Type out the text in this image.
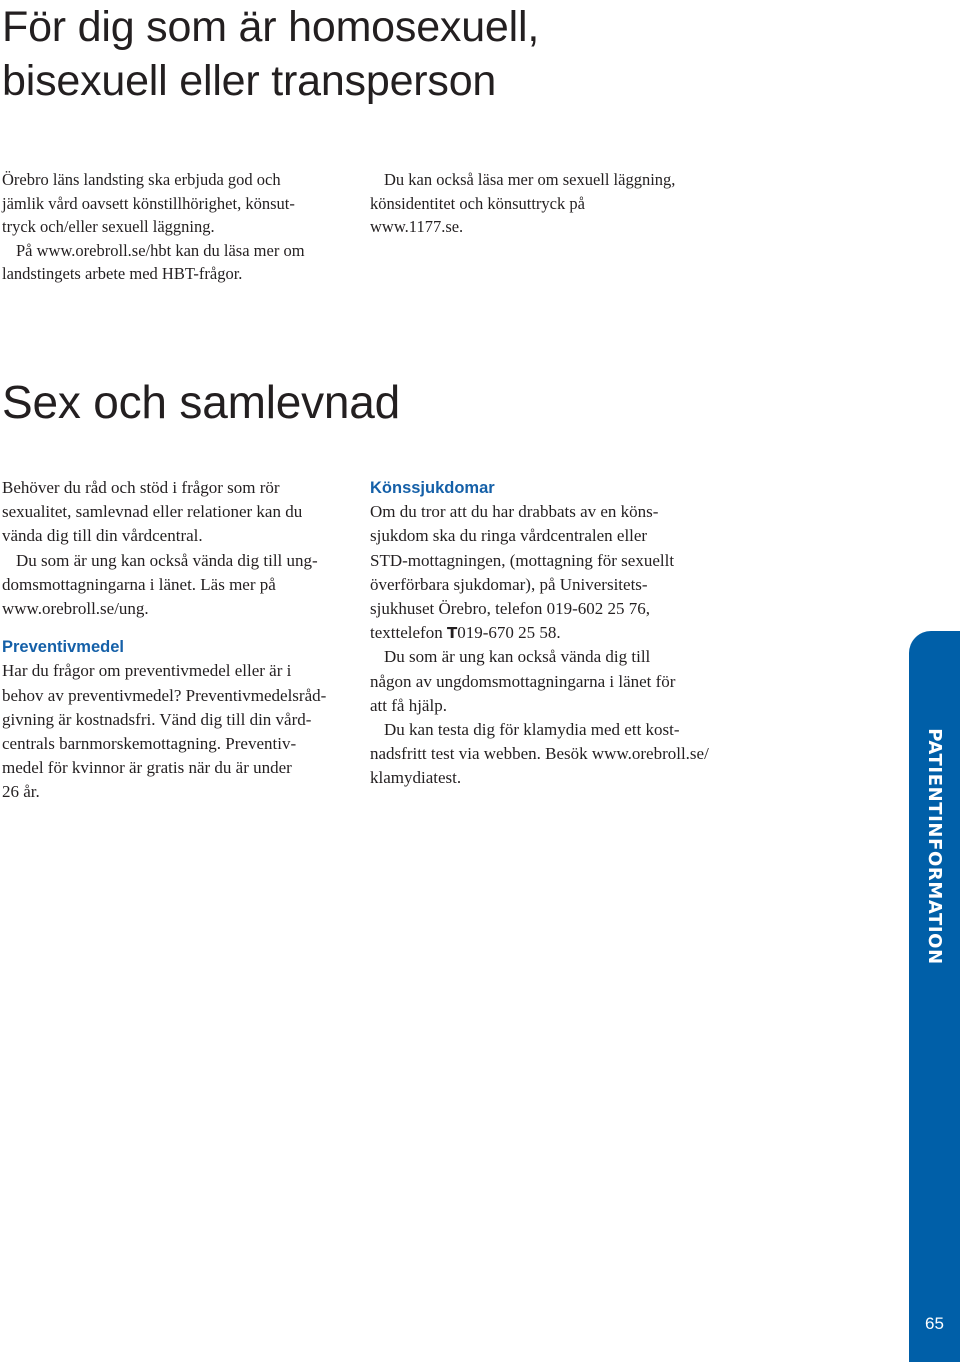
För dig som är homosexuell,
bisexuell eller transperson

Örebro läns landsting ska erbjuda god och
jämlik vård oavsett könstillhörighet, könsut-
tryck och/eller sexuell läggning.

På www.orebroll.se/hbt kan du läsa mer om
landstingets arbete med HBT-frågor.

Du kan också läsa mer om sexuell läggning,
könsidentitet och könsuttryck på
www.1177.se.

Sex och samlevnad

Behöver du råd och stöd i frågor som rör
sexualitet, samlevnad eller relationer kan du
vända dig till din vårdcentral.

Du som är ung kan också vända dig till ung-
domsmottagningarna i länet. Läs mer på
www.orebroll.se/ung.

Preventivmedel

Har du frågor om preventivmedel eller är i
behov av preventivmedel? Preventivmedelsråd-
givning är kostnadsfri. Vänd dig till din vård-
centrals barnmorskemottagning. Preventiv-
medel för kvinnor är gratis när du är under
26 år.

Könssjukdomar

Om du tror att du har drabbats av en köns-
sjukdom ska du ringa vårdcentralen eller
STD-mottagningen, (mottagning för sexuellt
överförbara sjukdomar), på Universitets-
sjukhuset Örebro, telefon 019-602 25 76,
texttelefon T019-670 25 58.

Du som är ung kan också vända dig till
någon av ungdomsmottagningarna i länet för
att få hjälp.

Du kan testa dig för klamydia med ett kost-
nadsfritt test via webben. Besök www.orebroll.se/
klamydiatest.	PATIENTINFORMATION
65
